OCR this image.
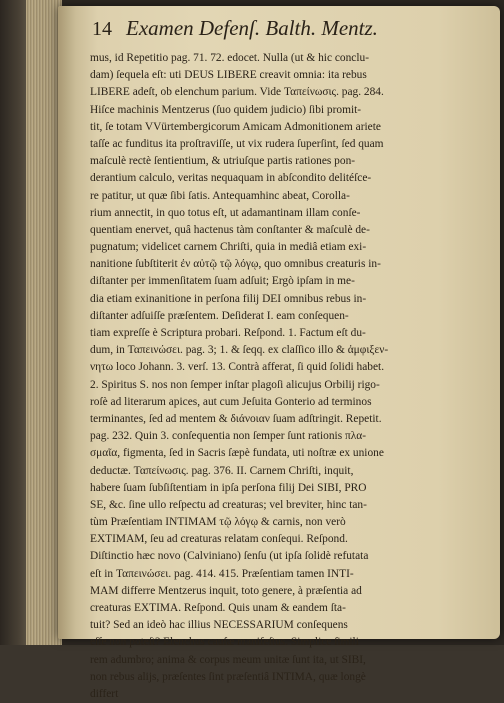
14 Examen Defenſ. Balth. Mentz.
mus, id Repetitio pag. 71. 72. edocet. Nulla (ut & hic conclu-
dam) ſequela eſt: uti DEUS LIBERE creavit omnia: ita rebus
LIBERE adeſt, ob elenchum parium. Vide Ταπείνωσις. pag. 284.
Hiſce machinis Mentzerus (ſuo quidem judicio) ſibi promit-
tit, ſe totam VVürtembergicorum Amicam Admonitionem ariete
taſſe ac funditus ita proſtraviſſe, ut vix rudera ſuperſint, ſed quam
maſculè rectè ſentientium, & utriuſque partis rationes pon-
derantium calculo, veritas nequaquam in abſcondito delitéſce-
re patitur, ut quæ ſibi ſatis. Antequamhinc abeat, Corolla-
rium annectit, in quo totus eſt, ut adamantinam illam conſe-
quentiam enervet, quâ hactenus tàm conſtanter & maſculè de-
pugnatum; videlicet carnem Chriſti, quia in mediâ etiam exi-
nanitione ſubſtiterit ἐν αὐτῷ τῷ λόγῳ, quo omnibus creaturis in-
diſtanter per immenſitatem ſuam adſuit; Ergò ipſam in me-
dia etiam exinanitione in perſona filij DEI omnibus rebus in-
diſtanter adſuiſſe præſentem. Deſiderat I. eam conſequen-
tiam expreſſe è Scriptura probari. Reſpond. 1. Factum eſt du-
dum, in Ταπεινώσει. pag. 3; 1. & ſeqq. ex claſſico illo & ἀμφιξεν-
νητω loco Johann. 3. verſ. 13. Contrà afferat, ſi quid ſolidi habet.
2. Spiritus S. nos non ſemper inſtar plagoſi alicujus Orbilij rigo-
roſè ad literarum apices, aut cum Jeſuita Gonterio ad terminos
terminantes, ſed ad mentem & διάνοιαν ſuam adſtringit. Repetit.
pag. 232. Quin 3. conſequentia non ſemper ſunt rationis πλα-
σμαῖα, figmenta, ſed in Sacris ſæpè fundata, uti noſtræ ex unione
deductæ. Ταπείνωσις. pag. 376. II. Carnem Chriſti, inquit,
habere ſuam ſubſiſtentiam in ipſa perſona filij Dei SIBI, PRO
SE, &c. ſine ullo reſpectu ad creaturas; vel breviter, hinc tan-
tùm Præſentiam INTIMAM τῷ λόγῳ & carnis, non verò
EXTIMAM, ſeu ad creaturas relatam conſequi. Reſpond.
Diſtinctio hæc novo (Calviniano) ſenſu (ut ipſa ſolidè refutata
eſt in Ταπεινώσει. pag. 414. 415. Præſentiam tamen INTI-
MAM differre Mentzerus inquit, toto genere, à præſentia ad
creaturas EXTIMA. Reſpond. Quis unam & eandem ſta-
tuit? Sed an ideò hac illius NECESSARIUM conſequens
eſſe non poteſt? Elenchus cauſæ manifeſtus. Simplice ſimili
rem adumbro; anima & corpus meum unitæ ſunt ita, ut SIBI,
non rebus alijs, præſentes ſint præſentiâ INTIMA, quæ longè
differt
